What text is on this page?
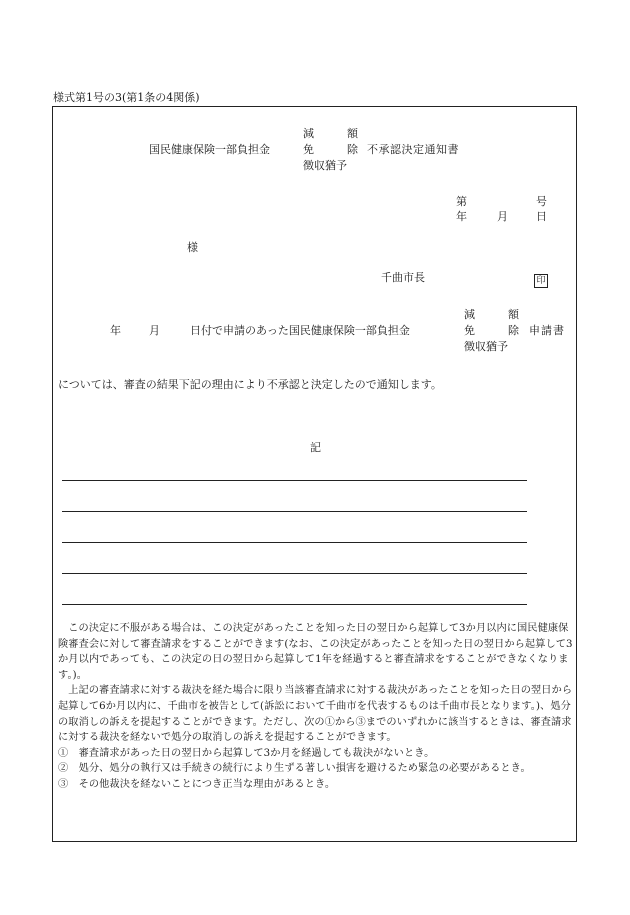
様式第1号の3(第1条の4関係)
国民健康保険一部負担金
減	額
免	除
徴収猶予
不承認決定通知書
第	号
年	月	日
様
千曲市長	印
年	月	日付で申請のあった国民健康保険一部負担金
減	額
免	除
徴収猶予
申請書
については、審査の結果下記の理由により不承認と決定したので通知します。
記

この決定に不服がある場合は、この決定があったことを知った日の翌日から起算して3か月以内に国民健康保険審査会に対して審査請求をすることができます(なお、この決定があったことを知った日の翌日から起算して3か月以内であっても、この決定の日の翌日から起算して1年を経過すると審査請求をすることができなくなります。)。

上記の審査請求に対する裁決を経た場合に限り当該審査請求に対する裁決があったことを知った日の翌日から起算して6か月以内に、千曲市を被告として(訴訟において千曲市を代表するものは千曲市長となります。)、処分の取消しの訴えを提起することができます。ただし、次の①から③までのいずれかに該当するときは、審査請求に対する裁決を経ないで処分の取消しの訴えを提起することができます。

①　審査請求があった日の翌日から起算して3か月を経過しても裁決がないとき。

②　処分、処分の執行又は手続きの続行により生ずる著しい損害を避けるため緊急の必要があるとき。

③　その他裁決を経ないことにつき正当な理由があるとき。
